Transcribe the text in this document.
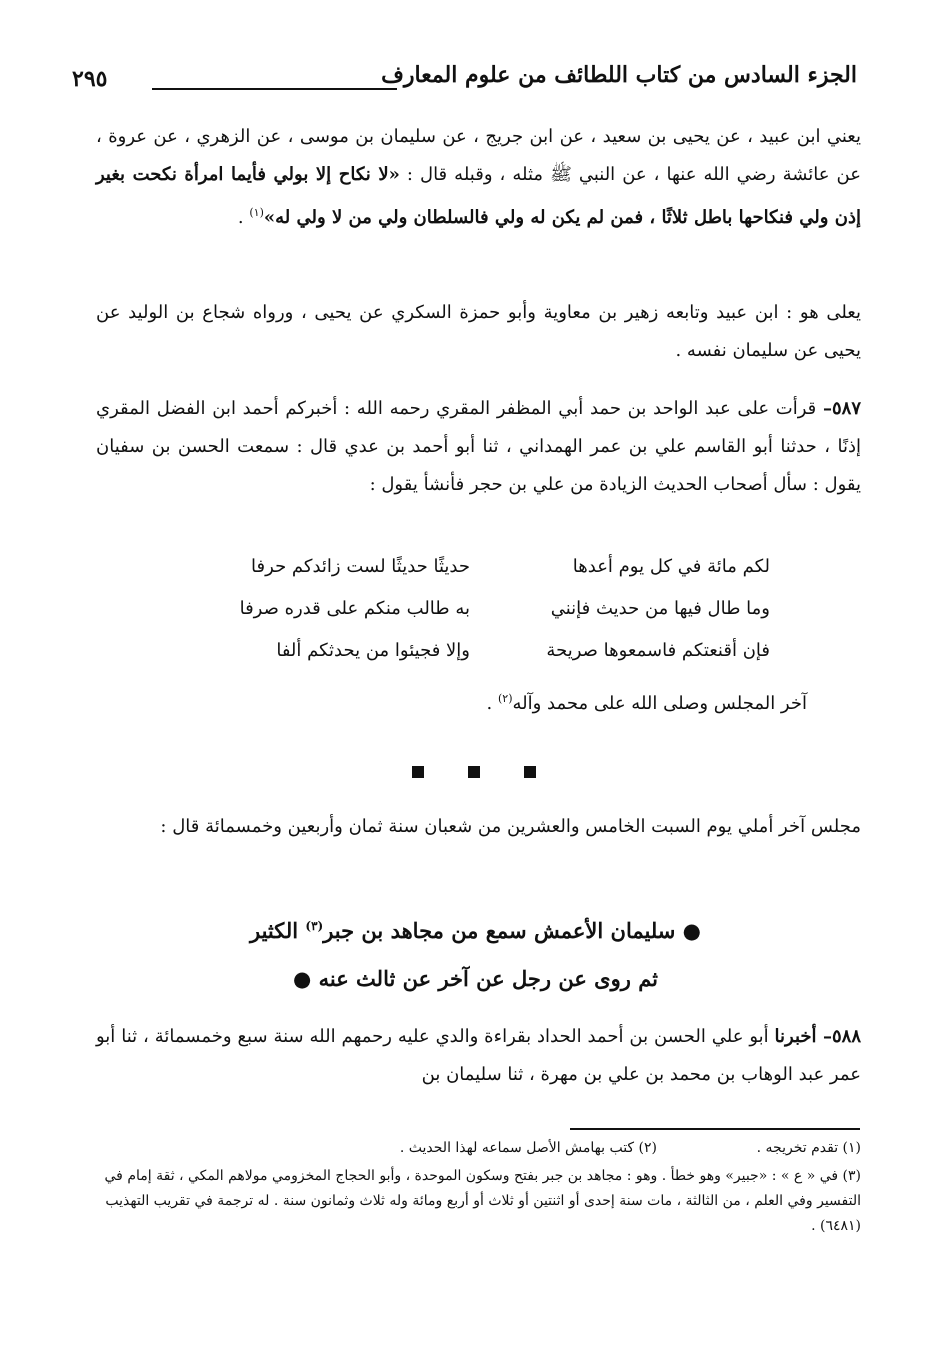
الجزء السادس من كتاب اللطائف من علوم المعارف
٢٩٥
يعني ابن عبيد ، عن يحيى بن سعيد ، عن ابن جريج ، عن سليمان بن موسى ، عن الزهري ، عن عروة ، عن عائشة رضي الله عنها ، عن النبي ﷺ مثله ، وقبله قال : «لا نكاح إلا بولي فأيما امرأة نكحت بغير إذن ولي فنكاحها باطل ثلاثًا ، فمن لم يكن له ولي فالسلطان ولي من لا ولي له»$^{(١)}$ .
يعلى هو : ابن عبيد وتابعه زهير بن معاوية وأبو حمزة السكري عن يحيى ، ورواه شجاع بن الوليد عن يحيى عن سليمان نفسه .
٥٨٧– قرأت على عبد الواحد بن حمد أبي المظفر المقري رحمه الله : أخبركم أحمد ابن الفضل المقري إذنًا ، حدثنا أبو القاسم علي بن عمر الهمداني ، ثنا أبو أحمد بن عدي قال : سمعت الحسن بن سفيان يقول : سأل أصحاب الحديث الزيادة من علي بن حجر فأنشأ يقول :
لكم مائة في كل يوم أعدها
حديثًا حديثًا لست زائدكم حرفا
وما طال فيها من حديث فإنني
به طالب منكم على قدره صرفا
فإن أقنعتكم فاسمعوها صريحة
وإلا فجيئوا من يحدثكم ألفا
آخر المجلس وصلى الله على محمد وآله$^{(٢)}$ .
مجلس آخر أملي يوم السبت الخامس والعشرين من شعبان سنة ثمان وأربعين وخمسمائة قال :
● سليمان الأعمش سمع من مجاهد بن جبر$^{(٣)}$ الكثير
ثم روى عن رجل عن آخر عن ثالث عنه ●
٥٨٨– أخبرنا أبو علي الحسن بن أحمد الحداد بقراءة والدي عليه رحمهم الله سنة سبع وخمسمائة ، ثنا أبو عمر عبد الوهاب بن محمد بن علي بن مهرة ، ثنا سليمان بن
(١) تقدم تخريجه .
(٢) كتب بهامش الأصل سماعه لهذا الحديث .
(٣) في « ع » : «جبير» وهو خطأ . وهو : مجاهد بن جبر بفتح وسكون الموحدة ، وأبو الحجاج المخزومي مولاهم المكي ، ثقة إمام في التفسير وفي العلم ، من الثالثة ، مات سنة إحدى أو اثنتين أو ثلاث أو أربع ومائة وله ثلاث وثمانون سنة . له ترجمة في تقريب التهذيب (٦٤٨١) .
